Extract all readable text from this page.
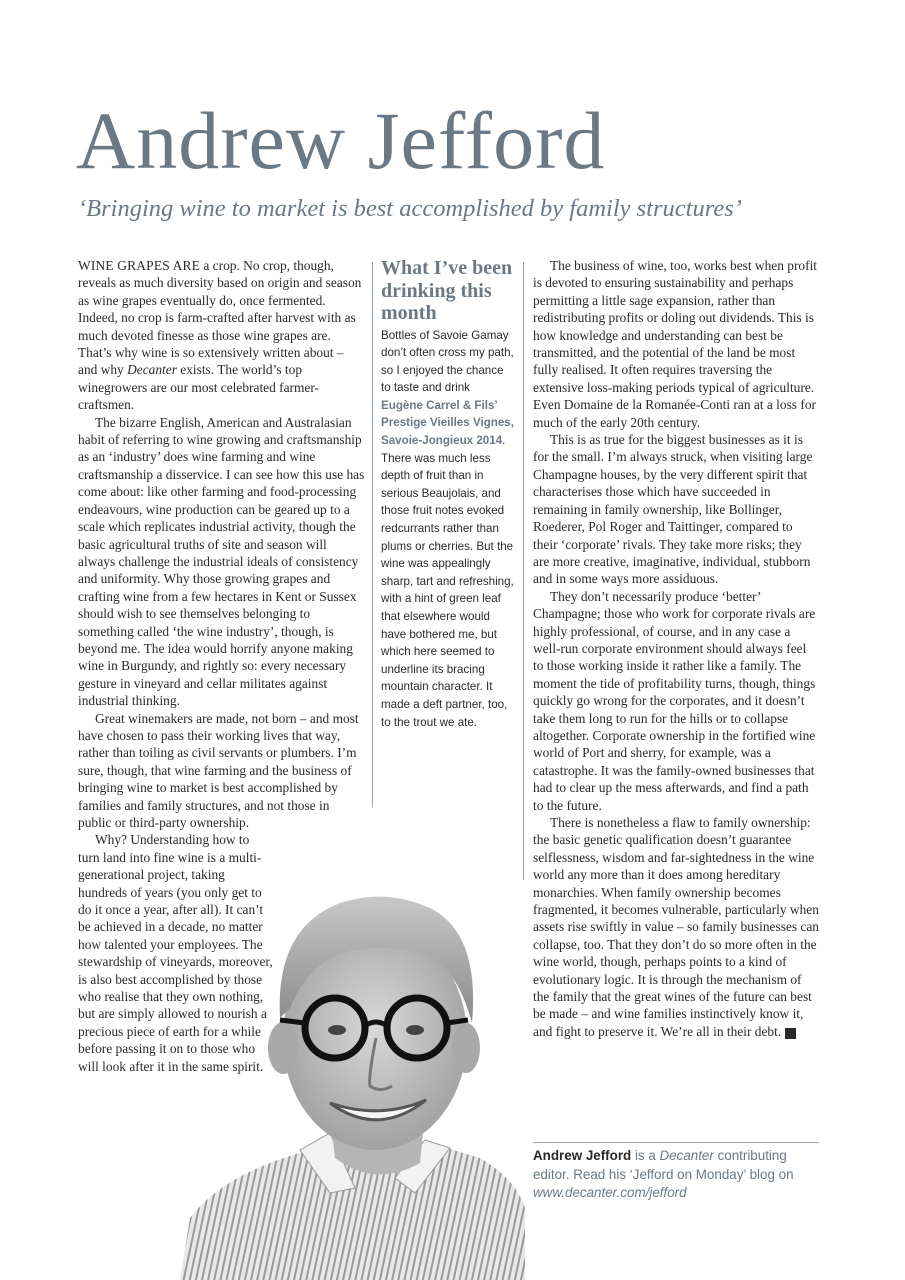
Andrew Jefford
‘Bringing wine to market is best accomplished by family structures’

WINE GRAPES ARE a crop. No crop, though, reveals as much diversity based on origin and season as wine grapes eventually do, once fermented. Indeed, no crop is farm-crafted after harvest with as much devoted finesse as those wine grapes are. That’s why wine is so extensively written about – and why Decanter exists. The world’s top winegrowers are our most celebrated farmer-craftsmen.

The bizarre English, American and Australasian habit of referring to wine growing and craftsmanship as an ‘industry’ does wine farming and wine craftsmanship a disservice. I can see how this use has come about: like other farming and food-processing endeavours, wine production can be geared up to a scale which replicates industrial activity, though the basic agricultural truths of site and season will always challenge the industrial ideals of consistency and uniformity. Why those growing grapes and crafting wine from a few hectares in Kent or Sussex should wish to see themselves belonging to something called ‘the wine industry’, though, is beyond me. The idea would horrify anyone making wine in Burgundy, and rightly so: every necessary gesture in vineyard and cellar militates against industrial thinking.

Great winemakers are made, not born – and most have chosen to pass their working lives that way, rather than toiling as civil servants or plumbers. I’m sure, though, that wine farming and the business of bringing wine to market is best accomplished by families and family structures, and not those in public or third-party ownership.

Why? Understanding how to turn land into fine wine is a multi-generational project, taking hundreds of years (you only get to do it once a year, after all). It can’t be achieved in a decade, no matter how talented your employees. The stewardship of vineyards, moreover, is also best accomplished by those who realise that they own nothing, but are simply allowed to nourish a precious piece of earth for a while before passing it on to those who will look after it in the same spirit.

What I’ve been drinking this month
Bottles of Savoie Gamay don’t often cross my path, so I enjoyed the chance to taste and drink Eugène Carrel & Fils’ Prestige Vieilles Vignes, Savoie-Jongieux 2014. There was much less depth of fruit than in serious Beaujolais, and those fruit notes evoked redcurrants rather than plums or cherries. But the wine was appealingly sharp, tart and refreshing, with a hint of green leaf that elsewhere would have bothered me, but which here seemed to underline its bracing mountain character. It made a deft partner, too, to the trout we ate.

The business of wine, too, works best when profit is devoted to ensuring sustainability and perhaps permitting a little sage expansion, rather than redistributing profits or doling out dividends. This is how knowledge and understanding can best be transmitted, and the potential of the land be most fully realised. It often requires traversing the extensive loss-making periods typical of agriculture. Even Domaine de la Romanée-Conti ran at a loss for much of the early 20th century.

This is as true for the biggest businesses as it is for the small. I’m always struck, when visiting large Champagne houses, by the very different spirit that characterises those which have succeeded in remaining in family ownership, like Bollinger, Roederer, Pol Roger and Taittinger, compared to their ‘corporate’ rivals. They take more risks; they are more creative, imaginative, individual, stubborn and in some ways more assiduous.

They don’t necessarily produce ‘better’ Champagne; those who work for corporate rivals are highly professional, of course, and in any case a well-run corporate environment should always feel to those working inside it rather like a family. The moment the tide of profitability turns, though, things quickly go wrong for the corporates, and it doesn’t take them long to run for the hills or to collapse altogether. Corporate ownership in the fortified wine world of Port and sherry, for example, was a catastrophe. It was the family-owned businesses that had to clear up the mess afterwards, and find a path to the future.

There is nonetheless a flaw to family ownership: the basic genetic qualification doesn’t guarantee selflessness, wisdom and far-sightedness in the wine world any more than it does among hereditary monarchies. When family ownership becomes fragmented, it becomes vulnerable, particularly when assets rise swiftly in value – so family businesses can collapse, too. That they don’t do so more often in the wine world, though, perhaps points to a kind of evolutionary logic. It is through the mechanism of the family that the great wines of the future can best be made – and wine families instinctively know it, and fight to preserve it. We’re all in their debt. D

Andrew Jefford is a Decanter contributing editor. Read his ‘Jefford on Monday’ blog on www.decanter.com/jefford
